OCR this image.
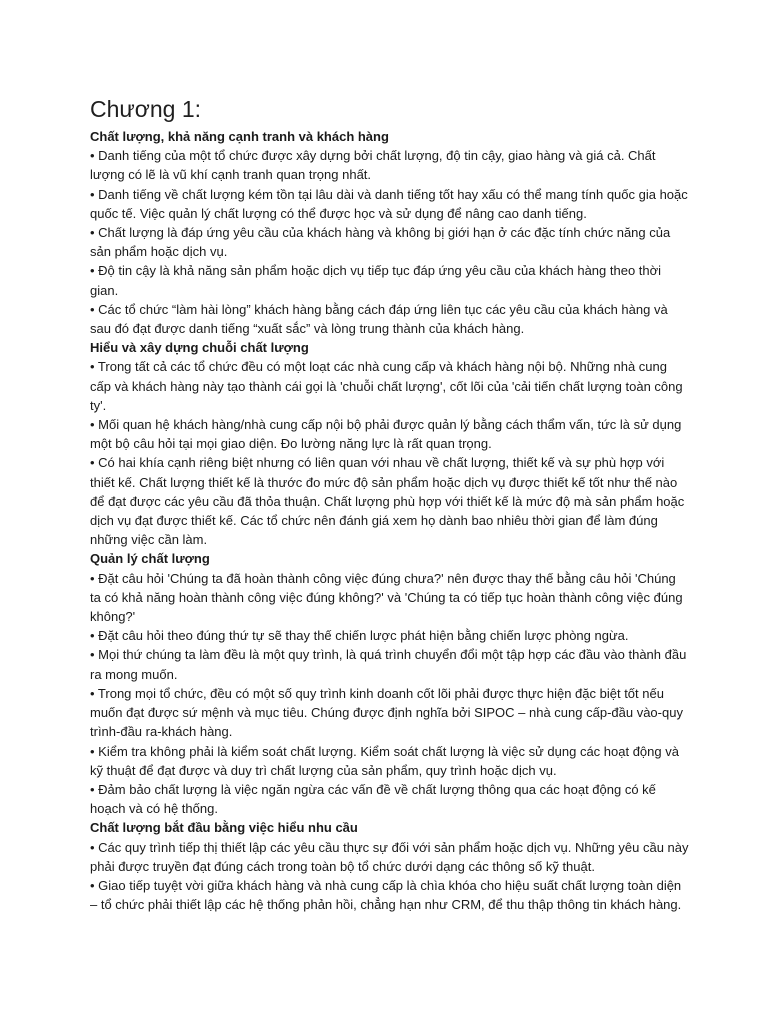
Chương 1:

Chất lượng, khả năng cạnh tranh và khách hàng

• Danh tiếng của một tổ chức được xây dựng bởi chất lượng, độ tin cậy, giao hàng và giá cả. Chất lượng có lẽ là vũ khí cạnh tranh quan trọng nhất.

• Danh tiếng về chất lượng kém tồn tại lâu dài và danh tiếng tốt hay xấu có thể mang tính quốc gia hoặc quốc tế. Việc quản lý chất lượng có thể được học và sử dụng để nâng cao danh tiếng.

• Chất lượng là đáp ứng yêu cầu của khách hàng và không bị giới hạn ở các đặc tính chức năng của sản phẩm hoặc dịch vụ.

• Độ tin cậy là khả năng sản phẩm hoặc dịch vụ tiếp tục đáp ứng yêu cầu của khách hàng theo thời gian.

• Các tổ chức “làm hài lòng” khách hàng bằng cách đáp ứng liên tục các yêu cầu của khách hàng và sau đó đạt được danh tiếng “xuất sắc” và lòng trung thành của khách hàng.

Hiểu và xây dựng chuỗi chất lượng

• Trong tất cả các tổ chức đều có một loạt các nhà cung cấp và khách hàng nội bộ. Những nhà cung cấp và khách hàng này tạo thành cái gọi là 'chuỗi chất lượng', cốt lõi của 'cải tiến chất lượng toàn công ty'.

• Mối quan hệ khách hàng/nhà cung cấp nội bộ phải được quản lý bằng cách thẩm vấn, tức là sử dụng một bộ câu hỏi tại mọi giao diện. Đo lường năng lực là rất quan trọng.

• Có hai khía cạnh riêng biệt nhưng có liên quan với nhau về chất lượng, thiết kế và sự phù hợp với thiết kế. Chất lượng thiết kế là thước đo mức độ sản phẩm hoặc dịch vụ được thiết kế tốt như thế nào để đạt được các yêu cầu đã thỏa thuận. Chất lượng phù hợp với thiết kế là mức độ mà sản phẩm hoặc dịch vụ đạt được thiết kế. Các tổ chức nên đánh giá xem họ dành bao nhiêu thời gian để làm đúng những việc cần làm.

Quản lý chất lượng

• Đặt câu hỏi 'Chúng ta đã hoàn thành công việc đúng chưa?' nên được thay thế bằng câu hỏi 'Chúng ta có khả năng hoàn thành công việc đúng không?' và 'Chúng ta có tiếp tục hoàn thành công việc đúng không?'

• Đặt câu hỏi theo đúng thứ tự sẽ thay thế chiến lược phát hiện bằng chiến lược phòng ngừa.

• Mọi thứ chúng ta làm đều là một quy trình, là quá trình chuyển đổi một tập hợp các đầu vào thành đầu ra mong muốn.

• Trong mọi tổ chức, đều có một số quy trình kinh doanh cốt lõi phải được thực hiện đặc biệt tốt nếu muốn đạt được sứ mệnh và mục tiêu. Chúng được định nghĩa bởi SIPOC – nhà cung cấp-đầu vào-quy trình-đầu ra-khách hàng.

• Kiểm tra không phải là kiểm soát chất lượng. Kiểm soát chất lượng là việc sử dụng các hoạt động và kỹ thuật để đạt được và duy trì chất lượng của sản phẩm, quy trình hoặc dịch vụ.

• Đảm bảo chất lượng là việc ngăn ngừa các vấn đề về chất lượng thông qua các hoạt động có kế hoạch và có hệ thống.

Chất lượng bắt đầu bằng việc hiểu nhu cầu

• Các quy trình tiếp thị thiết lập các yêu cầu thực sự đối với sản phẩm hoặc dịch vụ. Những yêu cầu này phải được truyền đạt đúng cách trong toàn bộ tổ chức dưới dạng các thông số kỹ thuật.

• Giao tiếp tuyệt vời giữa khách hàng và nhà cung cấp là chìa khóa cho hiệu suất chất lượng toàn diện – tổ chức phải thiết lập các hệ thống phản hồi, chẳng hạn như CRM, để thu thập thông tin khách hàng.
